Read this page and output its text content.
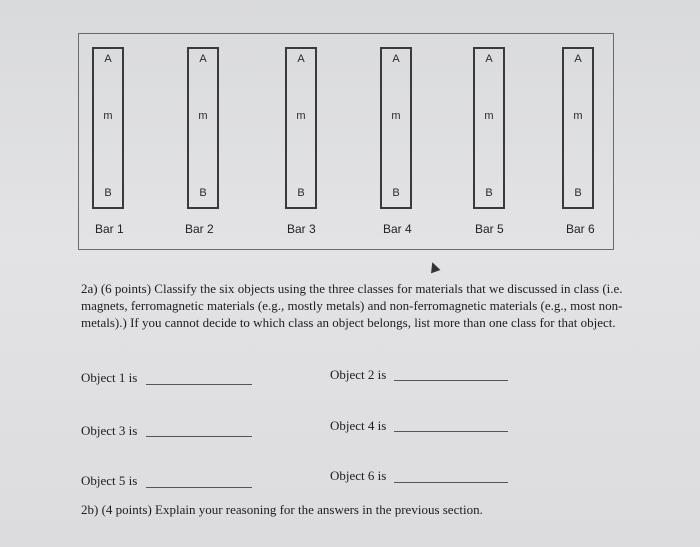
A
m
B
A
m
B
A
m
B
A
m
B
A
m
B
A
m
B
Bar 1	Bar 2	Bar 3	Bar 4	Bar 5	Bar 6
2a) (6 points) Classify the six objects using the three classes for materials that we discussed in class (i.e. magnets, ferromagnetic materials (e.g., mostly metals) and non-ferromagnetic materials (e.g., most non-metals).) If you cannot decide to which class an object belongs, list more than one class for that object.
Object 1 is	Object 2 is
Object 3 is	Object 4 is
Object 5 is	Object 6 is
2b) (4 points) Explain your reasoning for the answers in the previous section.
